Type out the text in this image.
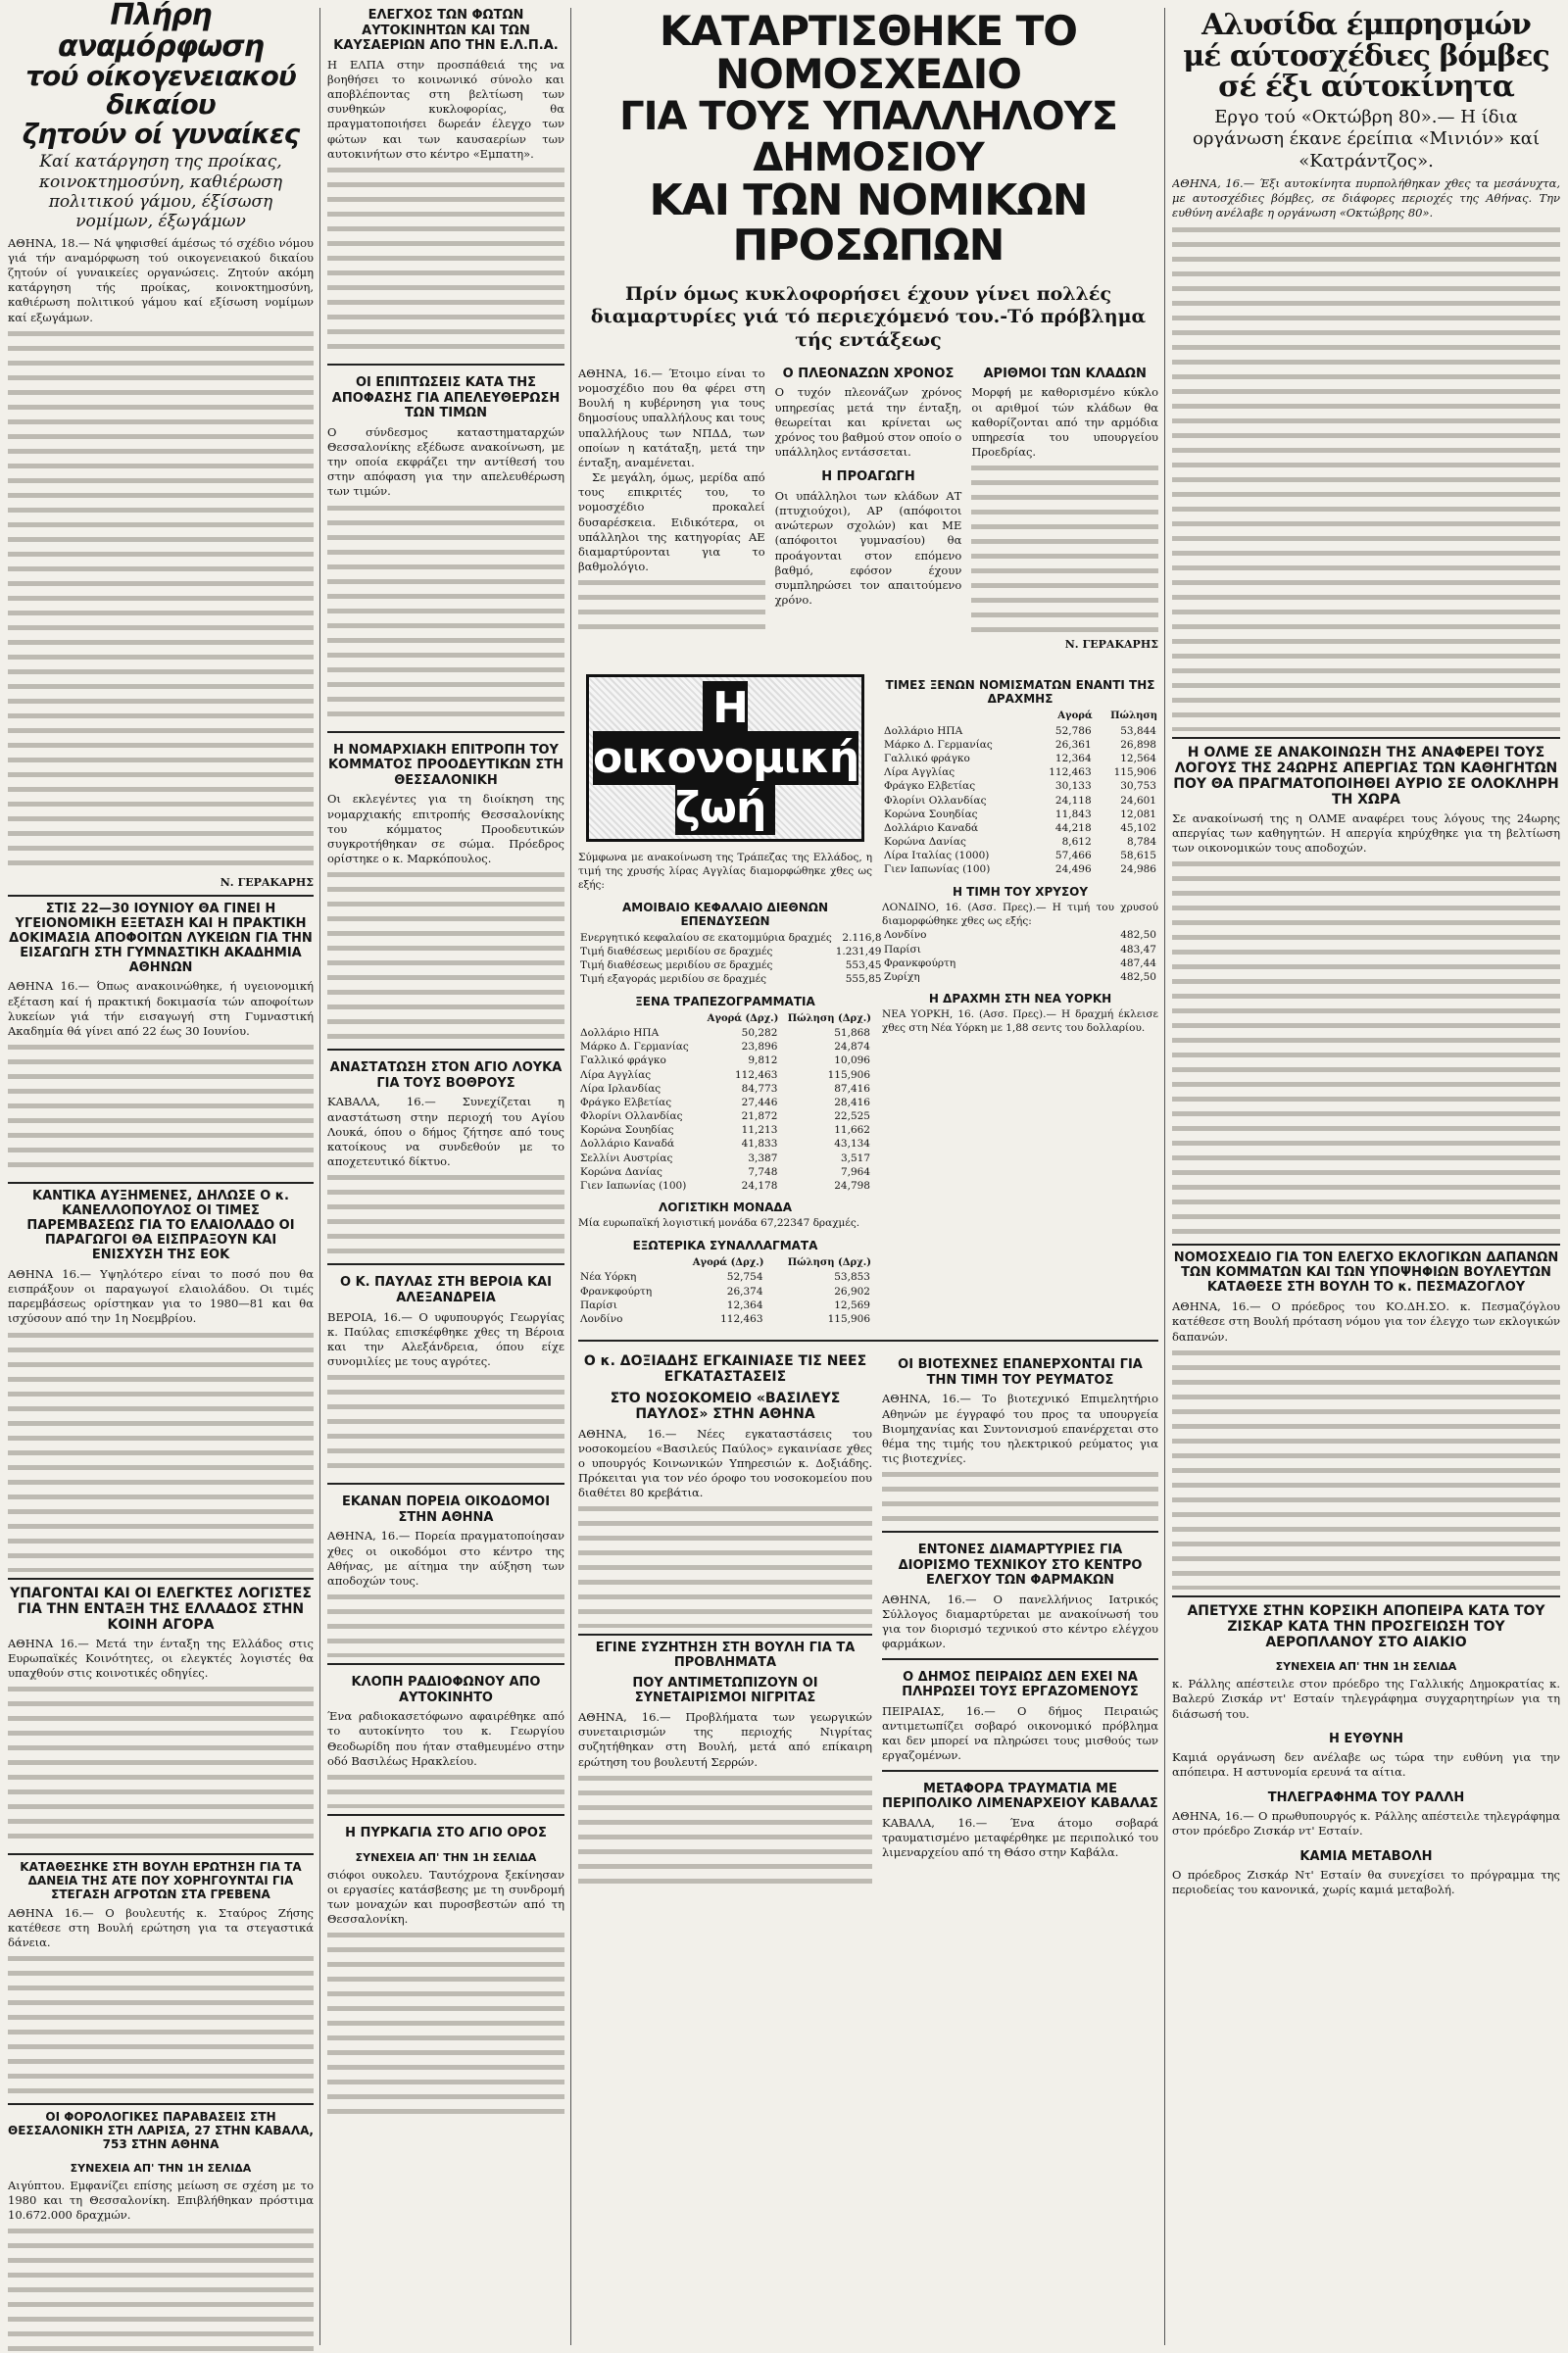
Πλήρη αναμόρφωση
τού οίκογενειακού δικαίου
ζητούν οί γυναίκες
Καί κατάργηση της προίκας, κοινοκτημοσύνη, καθιέρωση πολιτικού γάμου, έξίσωση νομίμων, έξωγάμων

ΑΘΗΝΑ, 18.— Νά ψηφισθεί άμέσως τό σχέδιο νόμου γιά τήν αναμόρφωση τού οικογενειακού δικαίου ζητούν οί γυναικείες οργανώσεις. Ζητούν ακόμη κατάργηση τής προίκας, κοινοκτημοσύνη, καθιέρωση πολιτικού γάμου καί εξίσωση νομίμων καί εξωγάμων.

Ν. ΓΕΡΑΚΑΡΗΣ
ΣΤΙΣ 22—30 ΙΟΥΝΙΟΥ ΘΑ ΓΙΝΕΙ Η ΥΓΕΙΟΝΟΜΙΚΗ ΕΞΕΤΑΣΗ ΚΑΙ Η ΠΡΑΚΤΙΚΗ ΔΟΚΙΜΑΣΙΑ ΑΠΟΦΟΙΤΩΝ ΛΥΚΕΙΩΝ ΓΙΑ ΤΗΝ ΕΙΣΑΓΩΓΗ ΣΤΗ ΓΥΜΝΑΣΤΙΚΗ ΑΚΑΔΗΜΙΑ ΑΘΗΝΩΝ

ΑΘΗΝΑ 16.— Όπως ανακοινώθηκε, ή υγειονομική εξέταση καί ή πρακτική δοκιμασία τών αποφοίτων λυκείων γιά τήν εισαγωγή στη Γυμναστική Ακαδημία θά γίνει από 22 έως 30 Ιουνίου.

ΚΑΝΤΙΚΑ ΑΥΞΗΜΕΝΕΣ, ΔΗΛΩΣΕ Ο κ. ΚΑΝΕΛΛΟΠΟΥΛΟΣ ΟΙ ΤΙΜΕΣ ΠΑΡΕΜΒΑΣΕΩΣ ΓΙΑ ΤΟ ΕΛΑΙΟΛΑΔΟ ΟΙ ΠΑΡΑΓΩΓΟΙ ΘΑ ΕΙΣΠΡΑΞΟΥΝ ΚΑΙ ΕΝΙΣΧΥΣΗ ΤΗΣ ΕΟΚ

ΑΘΗΝΑ 16.— Υψηλότερο είναι το ποσό που θα εισπράξουν οι παραγωγοί ελαιολάδου. Οι τιμές παρεμβάσεως ορίστηκαν για το 1980—81 και θα ισχύσουν από την 1η Νοεμβρίου.

ΥΠΑΓΟΝΤΑΙ ΚΑΙ ΟΙ ΕΛΕΓΚΤΕΣ ΛΟΓΙΣΤΕΣ ΓΙΑ ΤΗΝ ΕΝΤΑΞΗ ΤΗΣ ΕΛΛΑΔΟΣ ΣΤΗΝ ΚΟΙΝΗ ΑΓΟΡΑ

ΑΘΗΝΑ 16.— Μετά την ένταξη της Ελλάδος στις Ευρωπαϊκές Κοινότητες, οι ελεγκτές λογιστές θα υπαχθούν στις κοινοτικές οδηγίες.

ΚΑΤΑΘΕΣΗΚΕ ΣΤΗ ΒΟΥΛΗ ΕΡΩΤΗΣΗ ΓΙΑ ΤΑ ΔΑΝΕΙΑ ΤΗΣ ΑΤΕ ΠΟΥ ΧΟΡΗΓΟΥΝΤΑΙ ΓΙΑ ΣΤΕΓΑΣΗ ΑΓΡΟΤΩΝ ΣΤΑ ΓΡΕΒΕΝΑ

ΑΘΗΝΑ 16.— Ο βουλευτής κ. Σταύρος Ζήσης κατέθεσε στη Βουλή ερώτηση για τα στεγαστικά δάνεια.

ΟΙ ΦΟΡΟΛΟΓΙΚΕΣ ΠΑΡΑΒΑΣΕΙΣ ΣΤΗ ΘΕΣΣΑΛΟΝΙΚΗ ΣΤΗ ΛΑΡΙΣΑ, 27 ΣΤΗΝ ΚΑΒΑΛΑ, 753 ΣΤΗΝ ΑΘΗΝΑ
ΣΥΝΕΧΕΙΑ ΑΠ' ΤΗΝ 1Η ΣΕΛΙΔΑ

Αιγύπτου. Εμφανίζει επίσης μείωση σε σχέση με το 1980 και τη Θεσσαλονίκη. Επιβλήθηκαν πρόστιμα 10.672.000 δραχμών.

ΕΛΕΓΧΟΣ ΤΩΝ ΦΩΤΩΝ ΑΥΤΟΚΙΝΗΤΩΝ ΚΑΙ ΤΩΝ ΚΑΥΣΑΕΡΙΩΝ ΑΠΟ ΤΗΝ Ε.Λ.Π.Α.

Η ΕΛΠΑ στην προσπάθειά της να βοηθήσει το κοινωνικό σύνολο και αποβλέποντας στη βελτίωση των συνθηκών κυκλοφορίας, θα πραγματοποιήσει δωρεάν έλεγχο των φώτων και των καυσαερίων των αυτοκινήτων στο κέντρο «Εμπατη».

ΟΙ ΕΠΙΠΤΩΣΕΙΣ ΚΑΤΑ ΤΗΣ ΑΠΟΦΑΣΗΣ ΓΙΑ ΑΠΕΛΕΥΘΕΡΩΣΗ ΤΩΝ ΤΙΜΩΝ

Ο σύνδεσμος καταστηματαρχών Θεσσαλονίκης εξέδωσε ανακοίνωση, με την οποία εκφράζει την αντίθεσή του στην απόφαση για την απελευθέρωση των τιμών.

Η ΝΟΜΑΡΧΙΑΚΗ ΕΠΙΤΡΟΠΗ ΤΟΥ ΚΟΜΜΑΤΟΣ ΠΡΟΟΔΕΥΤΙΚΩΝ ΣΤΗ ΘΕΣΣΑΛΟΝΙΚΗ

Οι εκλεγέντες για τη διοίκηση της νομαρχιακής επιτροπής Θεσσαλονίκης του κόμματος Προοδευτικών συγκροτήθηκαν σε σώμα. Πρόεδρος ορίστηκε ο κ. Μαρκόπουλος.

ΑΝΑΣΤΑΤΩΣΗ ΣΤΟΝ ΑΓΙΟ ΛΟΥΚΑ ΓΙΑ ΤΟΥΣ ΒΟΘΡΟΥΣ

ΚΑΒΑΛΑ, 16.— Συνεχίζεται η αναστάτωση στην περιοχή του Αγίου Λουκά, όπου ο δήμος ζήτησε από τους κατοίκους να συνδεθούν με το αποχετευτικό δίκτυο.

Ο Κ. ΠΑΥΛΑΣ ΣΤΗ ΒΕΡΟΙΑ ΚΑΙ ΑΛΕΞΑΝΔΡΕΙΑ

ΒΕΡΟΙΑ, 16.— Ο υφυπουργός Γεωργίας κ. Παύλας επισκέφθηκε χθες τη Βέροια και την Αλεξάνδρεια, όπου είχε συνομιλίες με τους αγρότες.

ΕΚΑΝΑΝ ΠΟΡΕΙΑ ΟΙΚΟΔΟΜΟΙ ΣΤΗΝ ΑΘΗΝΑ

ΑΘΗΝΑ, 16.— Πορεία πραγματοποίησαν χθες οι οικοδόμοι στο κέντρο της Αθήνας, με αίτημα την αύξηση των αποδοχών τους.

ΚΛΟΠΗ ΡΑΔΙΟΦΩΝΟΥ ΑΠΟ ΑΥΤΟΚΙΝΗΤΟ

Ένα ραδιοκασετόφωνο αφαιρέθηκε από το αυτοκίνητο του κ. Γεωργίου Θεοδωρίδη που ήταν σταθμευμένο στην οδό Βασιλέως Ηρακλείου.

Η ΠΥΡΚΑΓΙΑ ΣΤΟ ΑΓΙΟ ΟΡΟΣ
ΣΥΝΕΧΕΙΑ ΑΠ' ΤΗΝ 1Η ΣΕΛΙΔΑ

σιόφοι ουκολευ. Ταυτόχρονα ξεκίνησαν οι εργασίες κατάσβεσης με τη συνδρομή των μοναχών και πυροσβεστών από τη Θεσσαλονίκη.

ΚΑΤΑΡΤΙΣΘΗΚΕ ΤΟ ΝΟΜΟΣΧΕΔΙΟ
ΓΙΑ ΤΟΥΣ ΥΠΑΛΛΗΛΟΥΣ ΔΗΜΟΣΙΟΥ
ΚΑΙ ΤΩΝ ΝΟΜΙΚΩΝ ΠΡΟΣΩΠΩΝ
Πρίν όμως κυκλοφορήσει έχουν γίνει πολλές διαμαρτυρίες γιά τό περιεχόμενό του.-Τό πρόβλημα τής εντάξεως

ΑΘΗΝΑ, 16.— Έτοιμο είναι το νομοσχέδιο που θα φέρει στη Βουλή η κυβέρνηση για τους δημοσίους υπαλλήλους και τους υπαλλήλους των ΝΠΔΔ, των οποίων η κατάταξη, μετά την ένταξη, αναμένεται.

Σε μεγάλη, όμως, μερίδα από τους επικριτές του, το νομοσχέδιο προκαλεί δυσαρέσκεια. Ειδικότερα, οι υπάλληλοι της κατηγορίας ΑΕ διαμαρτύρονται για το βαθμολόγιο.

Ο ΠΛΕΟΝΑΖΩΝ ΧΡΟΝΟΣ

Ο τυχόν πλεονάζων χρόνος υπηρεσίας μετά την ένταξη, θεωρείται και κρίνεται ως χρόνος του βαθμού στον οποίο ο υπάλληλος εντάσσεται.

Η ΠΡΟΑΓΩΓΗ

Οι υπάλληλοι των κλάδων ΑΤ (πτυχιούχοι), ΑΡ (απόφοιτοι ανώτερων σχολών) και ΜΕ (απόφοιτοι γυμνασίου) θα προάγονται στον επόμενο βαθμό, εφόσον έχουν συμπληρώσει τον απαιτούμενο χρόνο.

ΑΡΙΘΜΟΙ ΤΩΝ ΚΛΑΔΩΝ

Μορφή με καθορισμένο κύκλο οι αριθμοί τών κλάδων θα καθορίζονται από την αρμόδια υπηρεσία του υπουργείου Προεδρίας.

Ν. ΓΕΡΑΚΑΡΗΣ
Η οικονομική ζωή

Σύμφωνα με ανακοίνωση της Τράπεζας της Ελλάδος, η τιμή της χρυσής λίρας Αγγλίας διαμορφώθηκε χθες ως εξής:

ΑΜΟΙΒΑΙΟ ΚΕΦΑΛΑΙΟ ΔΙΕΘΝΩΝ ΕΠΕΝΔΥΣΕΩΝ
Ενεργητικό κεφαλαίου σε εκατομμύρια δραχμές	2.116,8
Τιμή διαθέσεως μεριδίου σε δραχμές	1.231,49
Τιμή διαθέσεως μεριδίου σε δραχμές	553,45
Τιμή εξαγοράς μεριδίου σε δραχμές	555,85
ΞΕΝΑ ΤΡΑΠΕΖΟΓΡΑΜΜΑΤΙΑ
	Αγορά (Δρχ.)	Πώληση (Δρχ.)
Δολλάριο ΗΠΑ	50,282	51,868
Μάρκο Δ. Γερμανίας	23,896	24,874
Γαλλικό φράγκο	9,812	10,096
Λίρα Αγγλίας	112,463	115,906
Λίρα Ιρλανδίας	84,773	87,416
Φράγκο Ελβετίας	27,446	28,416
Φλορίνι Ολλανδίας	21,872	22,525
Κορώνα Σουηδίας	11,213	11,662
Δολλάριο Καναδά	41,833	43,134
Σελλίνι Αυστρίας	3,387	3,517
Κορώνα Δανίας	7,748	7,964
Γιεν Ιαπωνίας (100)	24,178	24,798
ΛΟΓΙΣΤΙΚΗ ΜΟΝΑΔΑ

Μία ευρωπαϊκή λογιστική μονάδα 67,22347 δραχμές.

ΕΞΩΤΕΡΙΚΑ ΣΥΝΑΛΛΑΓΜΑΤΑ
	Αγορά (Δρχ.)	Πώληση (Δρχ.)
Νέα Υόρκη	52,754	53,853
Φρανκφούρτη	26,374	26,902
Παρίσι	12,364	12,569
Λονδίνο	112,463	115,906
ΤΙΜΕΣ ΞΕΝΩΝ ΝΟΜΙΣΜΑΤΩΝ ΕΝΑΝΤΙ ΤΗΣ ΔΡΑΧΜΗΣ
	Αγορά	Πώληση
Δολλάριο ΗΠΑ	52,786	53,844
Μάρκο Δ. Γερμανίας	26,361	26,898
Γαλλικό φράγκο	12,364	12,564
Λίρα Αγγλίας	112,463	115,906
Φράγκο Ελβετίας	30,133	30,753
Φλορίνι Ολλανδίας	24,118	24,601
Κορώνα Σουηδίας	11,843	12,081
Δολλάριο Καναδά	44,218	45,102
Κορώνα Δανίας	8,612	8,784
Λίρα Ιταλίας (1000)	57,466	58,615
Γιεν Ιαπωνίας (100)	24,496	24,986
Η ΤΙΜΗ ΤΟΥ ΧΡΥΣΟΥ

ΛΟΝΔΙΝΟ, 16. (Ασσ. Πρες).— Η τιμή του χρυσού διαμορφώθηκε χθες ως εξής:

Λονδίνο	482,50
Παρίσι	483,47
Φρανκφούρτη	487,44
Ζυρίχη	482,50
Η ΔΡΑΧΜΗ ΣΤΗ ΝΕΑ ΥΟΡΚΗ

ΝΕΑ ΥΟΡΚΗ, 16. (Ασσ. Πρες).— Η δραχμή έκλεισε χθες στη Νέα Υόρκη με 1,88 σεντς του δολλαρίου.

Ο κ. ΔΟΞΙΑΔΗΣ ΕΓΚΑΙΝΙΑΣΕ ΤΙΣ ΝΕΕΣ ΕΓΚΑΤΑΣΤΑΣΕΙΣ
ΣΤΟ ΝΟΣΟΚΟΜΕΙΟ «ΒΑΣΙΛΕΥΣ ΠΑΥΛΟΣ» ΣΤΗΝ ΑΘΗΝΑ

ΑΘΗΝΑ, 16.— Νέες εγκαταστάσεις του νοσοκομείου «Βασιλεύς Παύλος» εγκαινίασε χθες ο υπουργός Κοινωνικών Υπηρεσιών κ. Δοξιάδης. Πρόκειται για τον νέο όροφο του νοσοκομείου που διαθέτει 80 κρεβάτια.

ΕΓΙΝΕ ΣΥΖΗΤΗΣΗ ΣΤΗ ΒΟΥΛΗ ΓΙΑ ΤΑ ΠΡΟΒΛΗΜΑΤΑ
ΠΟΥ ΑΝΤΙΜΕΤΩΠΙΖΟΥΝ ΟΙ ΣΥΝΕΤΑΙΡΙΣΜΟΙ ΝΙΓΡΙΤΑΣ

ΑΘΗΝΑ, 16.— Προβλήματα των γεωργικών συνεταιρισμών της περιοχής Νιγρίτας συζητήθηκαν στη Βουλή, μετά από επίκαιρη ερώτηση του βουλευτή Σερρών.

ΟΙ ΒΙΟΤΕΧΝΕΣ ΕΠΑΝΕΡΧΟΝΤΑΙ ΓΙΑ ΤΗΝ ΤΙΜΗ ΤΟΥ ΡΕΥΜΑΤΟΣ

ΑΘΗΝΑ, 16.— Το βιοτεχνικό Επιμελητήριο Αθηνών με έγγραφό του προς τα υπουργεία Βιομηχανίας και Συντονισμού επανέρχεται στο θέμα της τιμής του ηλεκτρικού ρεύματος για τις βιοτεχνίες.

ΕΝΤΟΝΕΣ ΔΙΑΜΑΡΤΥΡΙΕΣ ΓΙΑ ΔΙΟΡΙΣΜΟ ΤΕΧΝΙΚΟΥ ΣΤΟ ΚΕΝΤΡΟ ΕΛΕΓΧΟΥ ΤΩΝ ΦΑΡΜΑΚΩΝ

ΑΘΗΝΑ, 16.— Ο πανελλήνιος Ιατρικός Σύλλογος διαμαρτύρεται με ανακοίνωσή του για τον διορισμό τεχνικού στο κέντρο ελέγχου φαρμάκων.

Ο ΔΗΜΟΣ ΠΕΙΡΑΙΩΣ ΔΕΝ ΕΧΕΙ ΝΑ ΠΛΗΡΩΣΕΙ ΤΟΥΣ ΕΡΓΑΖΟΜΕΝΟΥΣ

ΠΕΙΡΑΙΑΣ, 16.— Ο δήμος Πειραιώς αντιμετωπίζει σοβαρό οικονομικό πρόβλημα και δεν μπορεί να πληρώσει τους μισθούς των εργαζομένων.

ΜΕΤΑΦΟΡΑ ΤΡΑΥΜΑΤΙΑ ΜΕ ΠΕΡΙΠΟΛΙΚΟ ΛΙΜΕΝΑΡΧΕΙΟΥ ΚΑΒΑΛΑΣ

ΚΑΒΑΛΑ, 16.— Ένα άτομο σοβαρά τραυματισμένο μεταφέρθηκε με περιπολικό του λιμεναρχείου από τη Θάσο στην Καβάλα.

Αλυσίδα έμπρησμών
μέ αύτοσχέδιες βόμβες
σέ έξι αύτοκίνητα
Εργο τού «Οκτώβρη 80».— Η ίδια οργάνωση έκανε έρείπια «Μινιόν» καί «Κατράντζος».

ΑΘΗΝΑ, 16.— Έξι αυτοκίνητα πυρπολήθηκαν χθες τα μεσάνυχτα, με αυτοσχέδιες βόμβες, σε διάφορες περιοχές της Αθήνας. Την ευθύνη ανέλαβε η οργάνωση «Οκτώβρης 80».

Η ΟΛΜΕ ΣΕ ΑΝΑΚΟΙΝΩΣΗ ΤΗΣ ΑΝΑΦΕΡΕΙ ΤΟΥΣ ΛΟΓΟΥΣ ΤΗΣ 24ΩΡΗΣ ΑΠΕΡΓΙΑΣ ΤΩΝ ΚΑΘΗΓΗΤΩΝ ΠΟΥ ΘΑ ΠΡΑΓΜΑΤΟΠΟΙΗΘΕΙ ΑΥΡΙΟ ΣΕ ΟΛΟΚΛΗΡΗ ΤΗ ΧΩΡΑ

Σε ανακοίνωσή της η ΟΛΜΕ αναφέρει τους λόγους της 24ωρης απεργίας των καθηγητών. Η απεργία κηρύχθηκε για τη βελτίωση των οικονομικών τους αποδοχών.

ΝΟΜΟΣΧΕΔΙΟ ΓΙΑ ΤΟΝ ΕΛΕΓΧΟ ΕΚΛΟΓΙΚΩΝ ΔΑΠΑΝΩΝ ΤΩΝ ΚΟΜΜΑΤΩΝ ΚΑΙ ΤΩΝ ΥΠΟΨΗΦΙΩΝ ΒΟΥΛΕΥΤΩΝ ΚΑΤΑΘΕΣΕ ΣΤΗ ΒΟΥΛΗ ΤΟ κ. ΠΕΣΜΑΖΟΓΛΟΥ

ΑΘΗΝΑ, 16.— Ο πρόεδρος του ΚΟ.ΔΗ.ΣΟ. κ. Πεσμαζόγλου κατέθεσε στη Βουλή πρόταση νόμου για τον έλεγχο των εκλογικών δαπανών.

ΑΠΕΤΥΧΕ ΣΤΗΝ ΚΟΡΣΙΚΗ ΑΠΟΠΕΙΡΑ ΚΑΤΑ ΤΟΥ ΖΙΣΚΑΡ ΚΑΤΑ ΤΗΝ ΠΡΟΣΓΕΙΩΣΗ ΤΟΥ ΑΕΡΟΠΛΑΝΟΥ ΣΤΟ ΑΙΑΚΙΟ
ΣΥΝΕΧΕΙΑ ΑΠ' ΤΗΝ 1Η ΣΕΛΙΔΑ

κ. Ράλλης απέστειλε στον πρόεδρο της Γαλλικής Δημοκρατίας κ. Βαλερύ Ζισκάρ ντ' Εσταίν τηλεγράφημα συγχαρητηρίων για τη διάσωσή του.

Η ΕΥΘΥΝΗ

Καμιά οργάνωση δεν ανέλαβε ως τώρα την ευθύνη για την απόπειρα. Η αστυνομία ερευνά τα αίτια.

ΤΗΛΕΓΡΑΦΗΜΑ ΤΟΥ ΡΑΛΛΗ

ΑΘΗΝΑ, 16.— Ο πρωθυπουργός κ. Ράλλης απέστειλε τηλεγράφημα στον πρόεδρο Ζισκάρ ντ' Εσταίν.

ΚΑΜΙΑ ΜΕΤΑΒΟΛΗ

Ο πρόεδρος Ζισκάρ Ντ' Εσταίν θα συνεχίσει το πρόγραμμα της περιοδείας του κανονικά, χωρίς καμιά μεταβολή.
